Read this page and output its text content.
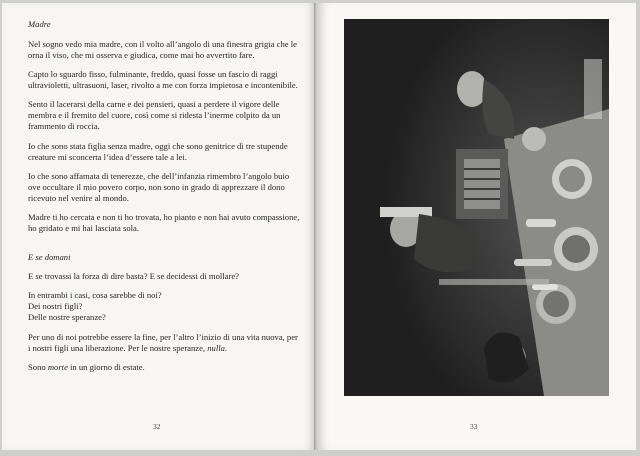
Madre

Nel sogno vedo mia madre, con il volto all’angolo di una finestra grigia che le orna il viso, che mi osserva e giudica, come mai ho avvertito fare.

Capto lo sguardo fisso, fulminante, freddo, quasi fosse un fascio di raggi ultravioletti, ultrasuoni, laser, rivolto a me con forza impietosa e incontenibile.

Sento il lacerarsi della carne e dei pensieri, quasi a perdere il vigore delle membra e il fremito del cuore, così come si ridesta l’inerme colpito da un frammento di roccia.

Io che sono stata figlia senza madre, oggi che sono genitrice di tre stupende creature mi sconcerta l’idea d’essere tale a lei.

Io che sono affamata di tenerezze, che dell’infanzia rimembro l’angolo buio ove occultare il mio povero corpo, non sono in grado di apprezzare il dono ricevuto nel venire al mondo.

Madre ti ho cercata e non ti ho trovata, ho pianto e non hai avuto compassione, ho gridato e mi hai lasciata sola.

E se domani

E se trovassi la forza di dire basta? E se decidessi di mollare?

In entrambi i casi, cosa sarebbe di noi?
Dei nostri figli?
Delle nostre speranze?

Per uno di noi potrebbe essere la fine, per l’altro l’inizio di una vita nuova, per i nostri figli una liberazione. Per le nostre speranze, nulla.

Sono morte in un giorno di estate.

32	33
